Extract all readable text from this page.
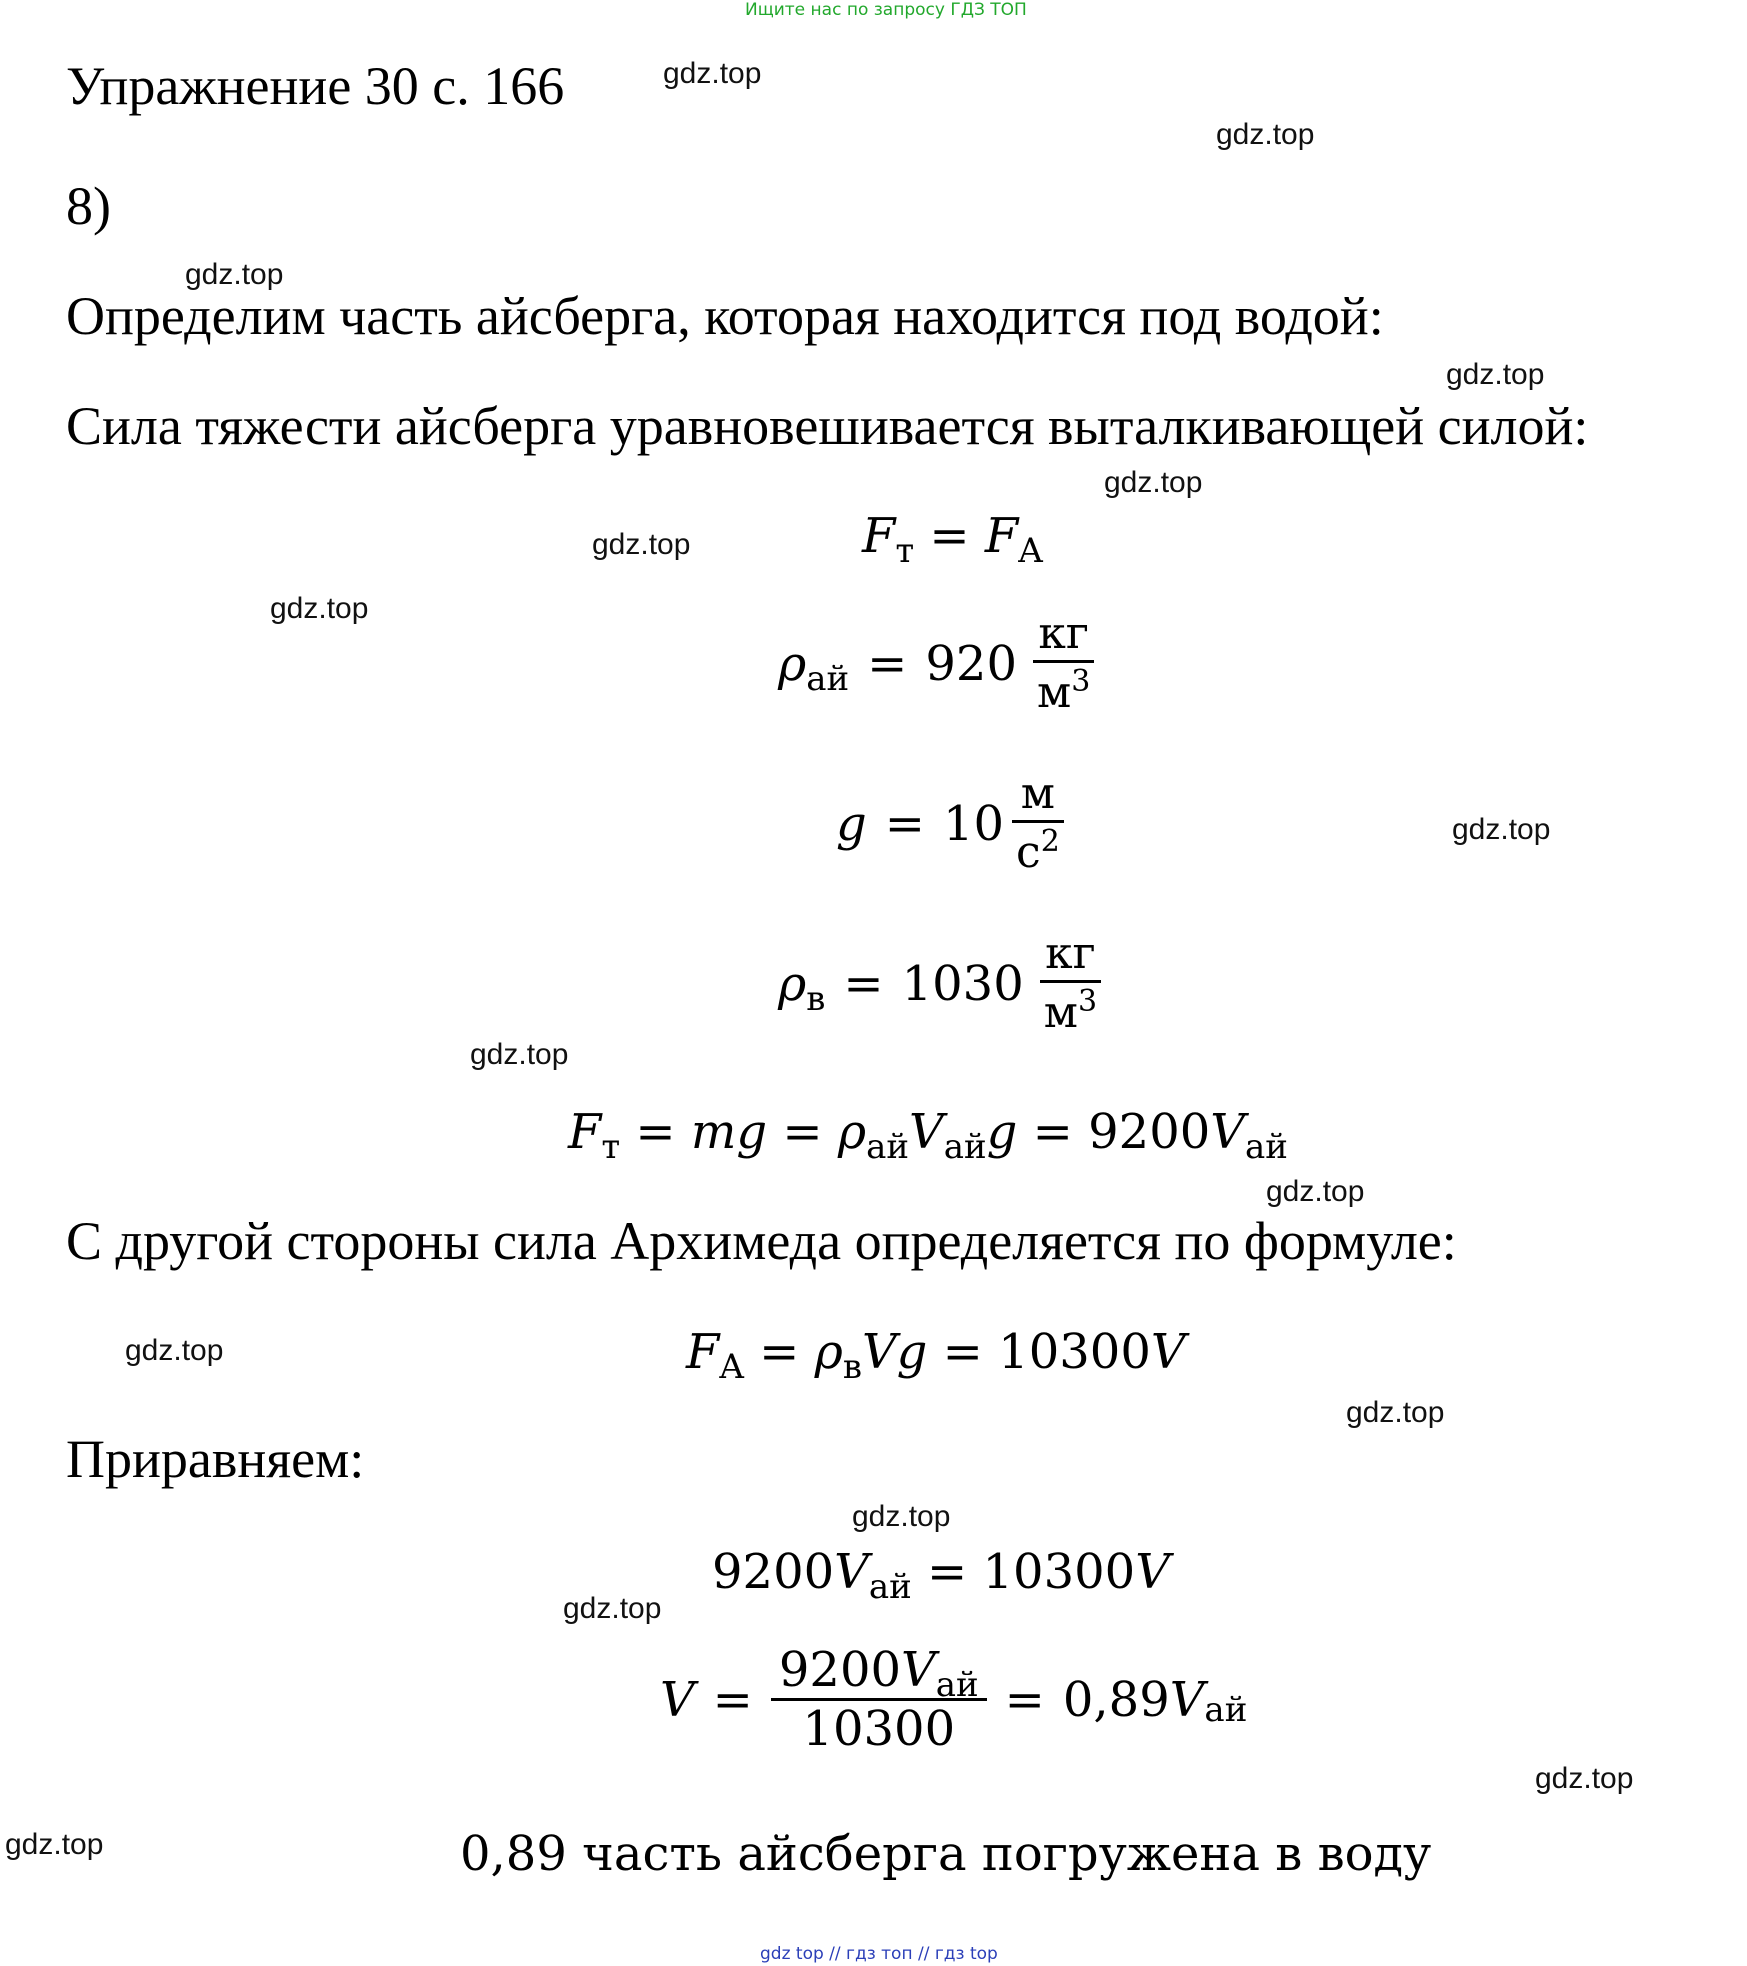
Ищите нас по запросу ГДЗ ТОП
Упражнение 30 с. 166
8)
Определим часть айсберга, которая находится под водой:
Сила тяжести айсберга уравновешивается выталкивающей силой:
$F_т = F_A$
$\rho_{ай} = 920 \frac{кг}{м^3}$
$g = 10 \frac{м}{с^2}$
$\rho_в = 1030 \frac{кг}{м^3}$
$F_т$ = mg = $\rho_{ай}V_{ай}g = 9200V_{ай}$
С другой стороны сила Архимеда определяется по формуле:
$F_A = \rho_вVg = 10300V$
Приравняем:
$9200V_{ай} = 10300V$
$V = \frac{9200V_{ай}}{10300} = 0,89$ V ай
0,89 часть айсберга погружена в воду
gdz.top
gdz.top
gdz.top
gdz.top
gdz.top
gdz.top
gdz.top
gdz.top
gdz.top
gdz.top
gdz.top
gdz.top
gdz.top
gdz.top
gdz.top
gdz.top
gdz top // гдз топ // гдз top
